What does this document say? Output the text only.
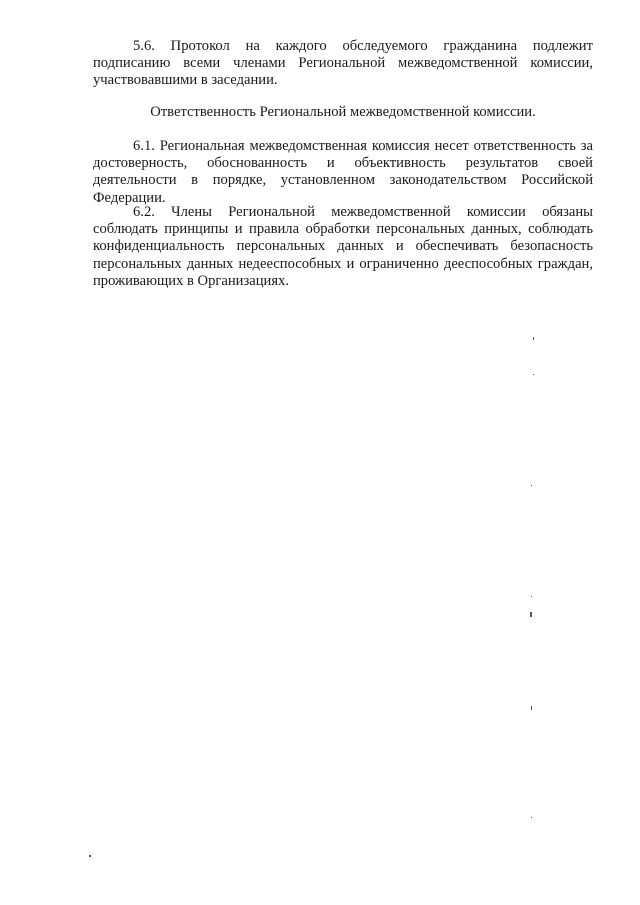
5.6. Протокол на каждого обследуемого гражданина подлежит подписанию всеми членами Региональной межведомственной комиссии, участвовавшими в заседании.

Ответственность Региональной межведомственной комиссии.

6.1. Региональная межведомственная комиссия несет ответственность за достоверность, обоснованность и объективность результатов своей деятельности в порядке, установленном законодательством Российской Федерации.

6.2. Члены Региональной межведомственной комиссии обязаны соблюдать принципы и правила обработки персональных данных, соблюдать конфиденциальность персональных данных и обеспечивать безопасность персональных данных недееспособных и ограниченно дееспособных граждан, проживающих в Организациях.
